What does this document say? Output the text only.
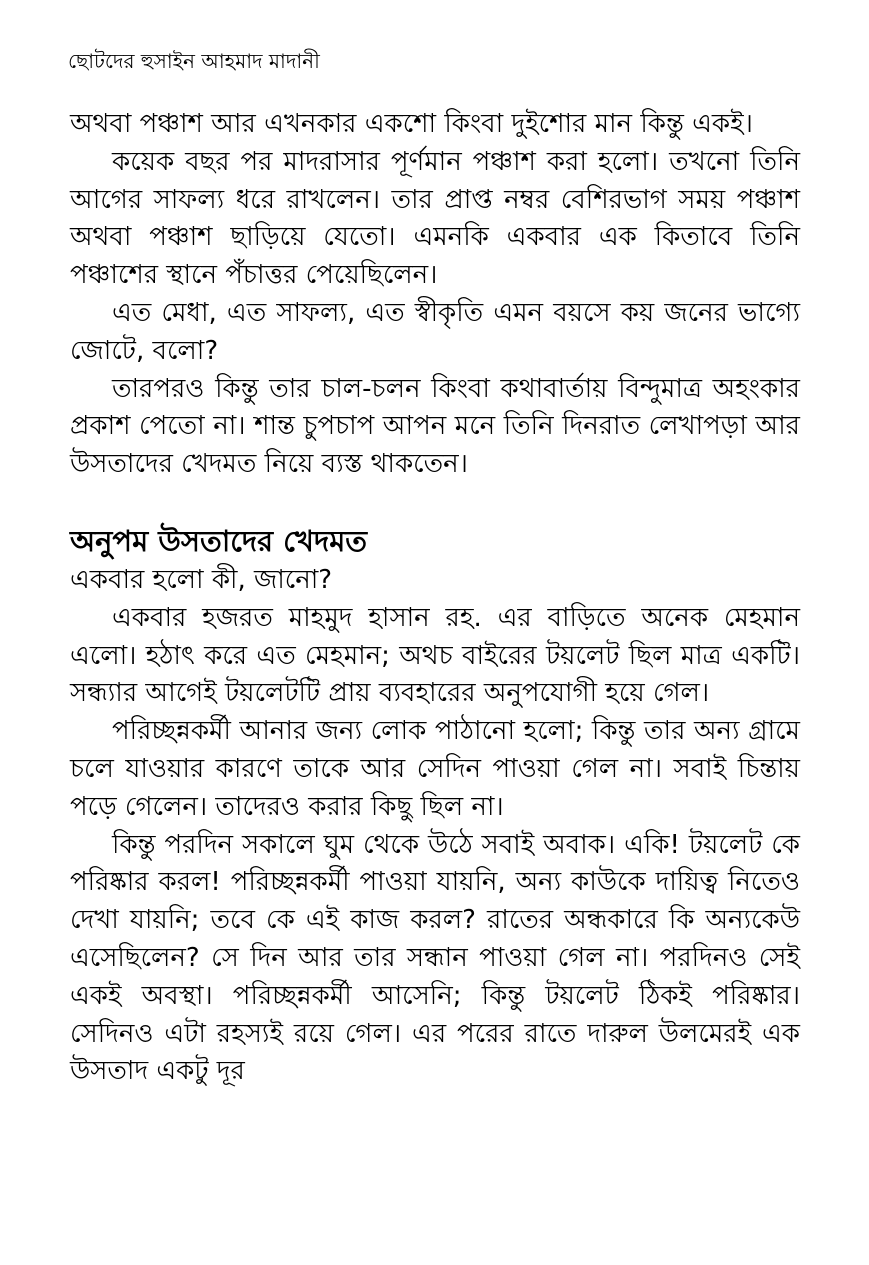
ছোটদের হুসাইন আহমাদ মাদানী

অথবা পঞ্চাশ আর এখনকার একশো কিংবা দুইশোর মান কিন্তু একই।

কয়েক বছর পর মাদরাসার পূর্ণমান পঞ্চাশ করা হলো। তখনো তিনি আগের সাফল্য ধরে রাখলেন। তার প্রাপ্ত নম্বর বেশিরভাগ সময় পঞ্চাশ অথবা পঞ্চাশ ছাড়িয়ে যেতো। এমনকি একবার এক কিতাবে তিনি পঞ্চাশের স্থানে পঁচাত্তর পেয়েছিলেন।

এত মেধা, এত সাফল্য, এত স্বীকৃতি এমন বয়সে কয় জনের ভাগ্যে জোটে, বলো?

তারপরও কিন্তু তার চাল-চলন কিংবা কথাবার্তায় বিন্দুমাত্র অহংকার প্রকাশ পেতো না। শান্ত চুপচাপ আপন মনে তিনি দিনরাত লেখাপড়া আর উসতাদের খেদমত নিয়ে ব্যস্ত থাকতেন।

অনুপম উসতাদের খেদমত

একবার হলো কী, জানো?

একবার হজরত মাহমুদ হাসান রহ. এর বাড়িতে অনেক মেহমান এলো। হঠাৎ করে এত মেহমান; অথচ বাইরের টয়লেট ছিল মাত্র একটি। সন্ধ্যার আগেই টয়লেটটি প্রায় ব্যবহারের অনুপযোগী হয়ে গেল।

পরিচ্ছন্নকর্মী আনার জন্য লোক পাঠানো হলো; কিন্তু তার অন্য গ্রামে চলে যাওয়ার কারণে তাকে আর সেদিন পাওয়া গেল না। সবাই চিন্তায় পড়ে গেলেন। তাদেরও করার কিছু ছিল না।

কিন্তু পরদিন সকালে ঘুম থেকে উঠে সবাই অবাক। একি! টয়লেট কে পরিষ্কার করল! পরিচ্ছন্নকর্মী পাওয়া যায়নি, অন্য কাউকে দায়িত্ব নিতেও দেখা যায়নি; তবে কে এই কাজ করল? রাতের অন্ধকারে কি অন্যকেউ এসেছিলেন? সে দিন আর তার সন্ধান পাওয়া গেল না। পরদিনও সেই একই অবস্থা। পরিচ্ছন্নকর্মী আসেনি; কিন্তু টয়লেট ঠিকই পরিষ্কার। সেদিনও এটা রহস্যই রয়ে গেল। এর পরের রাতে দারুল উলমেরই এক উসতাদ একটু দূর
